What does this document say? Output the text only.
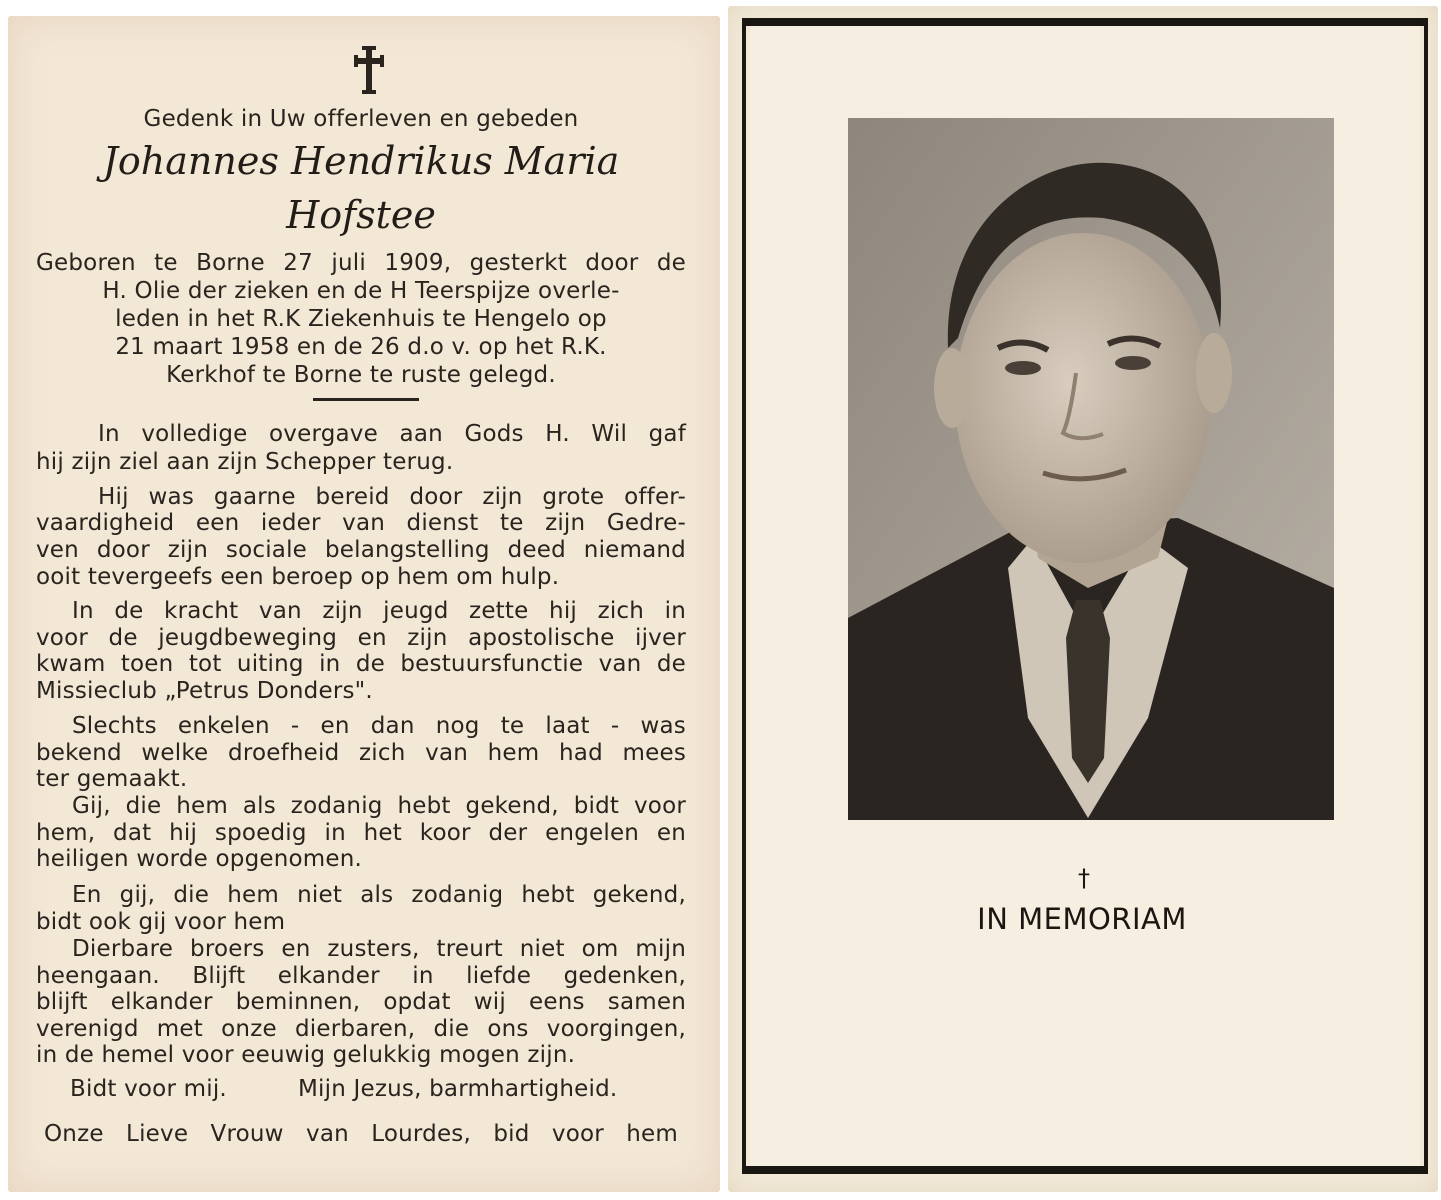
Gedenk in Uw offerleven en gebeden
Johannes Hendrikus Maria
Hofstee
Geboren te Borne 27 juli 1909, gesterkt door de
H. Olie der zieken en de H Teerspijze overle-
leden in het R.K Ziekenhuis te Hengelo op
21 maart 1958 en de 26 d.o v. op het R.K.
Kerkhof te Borne te ruste gelegd.
In volledige overgave aan Gods H. Wil gaf
hij zijn ziel aan zijn Schepper terug.
Hij was gaarne bereid door zijn grote offer-
vaardigheid een ieder van dienst te zijn Gedre-
ven door zijn sociale belangstelling deed niemand
ooit tevergeefs een beroep op hem om hulp.
In de kracht van zijn jeugd zette hij zich in
voor de jeugdbeweging en zijn apostolische ijver
kwam toen tot uiting in de bestuursfunctie van de
Missieclub „Petrus Donders".
Slechts enkelen - en dan nog te laat - was
bekend welke droefheid zich van hem had mees
ter gemaakt.
Gij, die hem als zodanig hebt gekend, bidt voor
hem, dat hij spoedig in het koor der engelen en
heiligen worde opgenomen.
En gij, die hem niet als zodanig hebt gekend,
bidt ook gij voor hem
Dierbare broers en zusters, treurt niet om mijn
heengaan. Blijft elkander in liefde gedenken,
blijft elkander beminnen, opdat wij eens samen
verenigd met onze dierbaren, die ons voorgingen,
in de hemel voor eeuwig gelukkig mogen zijn.
Bidt voor mij.	Mijn Jezus, barmhartigheid.
Onze Lieve Vrouw van Lourdes, bid voor hem
†
IN MEMORIAM
